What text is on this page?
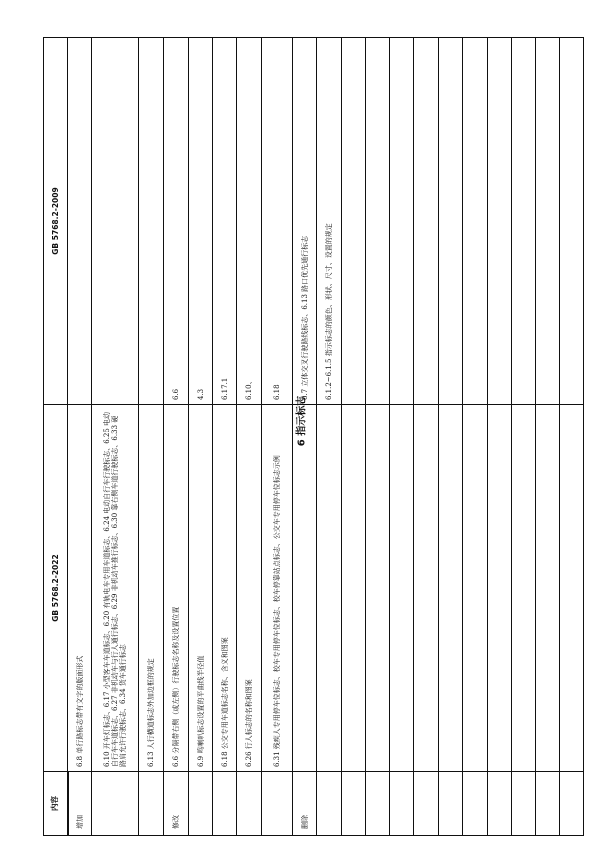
6 指示标志
内容	GB 5768.2-2022	GB 5768.2-2009
增加	6.8 单行路标志带有文字的版面形式	
	6.10 开车灯标志、6.17 小型客车车道标志、6.20 有轨电车专用车道标志、6.24 电动自行车行驶标志、6.25 电动自行车车道标志、6.27 非机动车与行人通行标志、6.29 非机动车推行标志、6.30 靠右侧车道行驶标志、6.33 硬路肩允许行驶标志、6.34 货车通行标志	
	6.13 人行横道标志外加边框的规定	
修改	6.6 分隔带右侧（或左侧）行驶标志名称及设置位置	6.6
	6.9 鸣喇叭标志设置的平曲线半径值	4.3
	6.18 公交专用车道标志名称、含义和图案	6.17.1
	6.26 行人标志的名称和图案	6.10、
	6.31 残疾人专用停车位标志、校车专用停车位标志、校车停靠站点标志、公交车专用停车位标志示例	6.18
删除		6.7 立体交叉行驶路线标志、6.13 路口优先通行标志
		6.1.2~6.1.5 指示标志的颜色、形状、尺寸、设置的规定
